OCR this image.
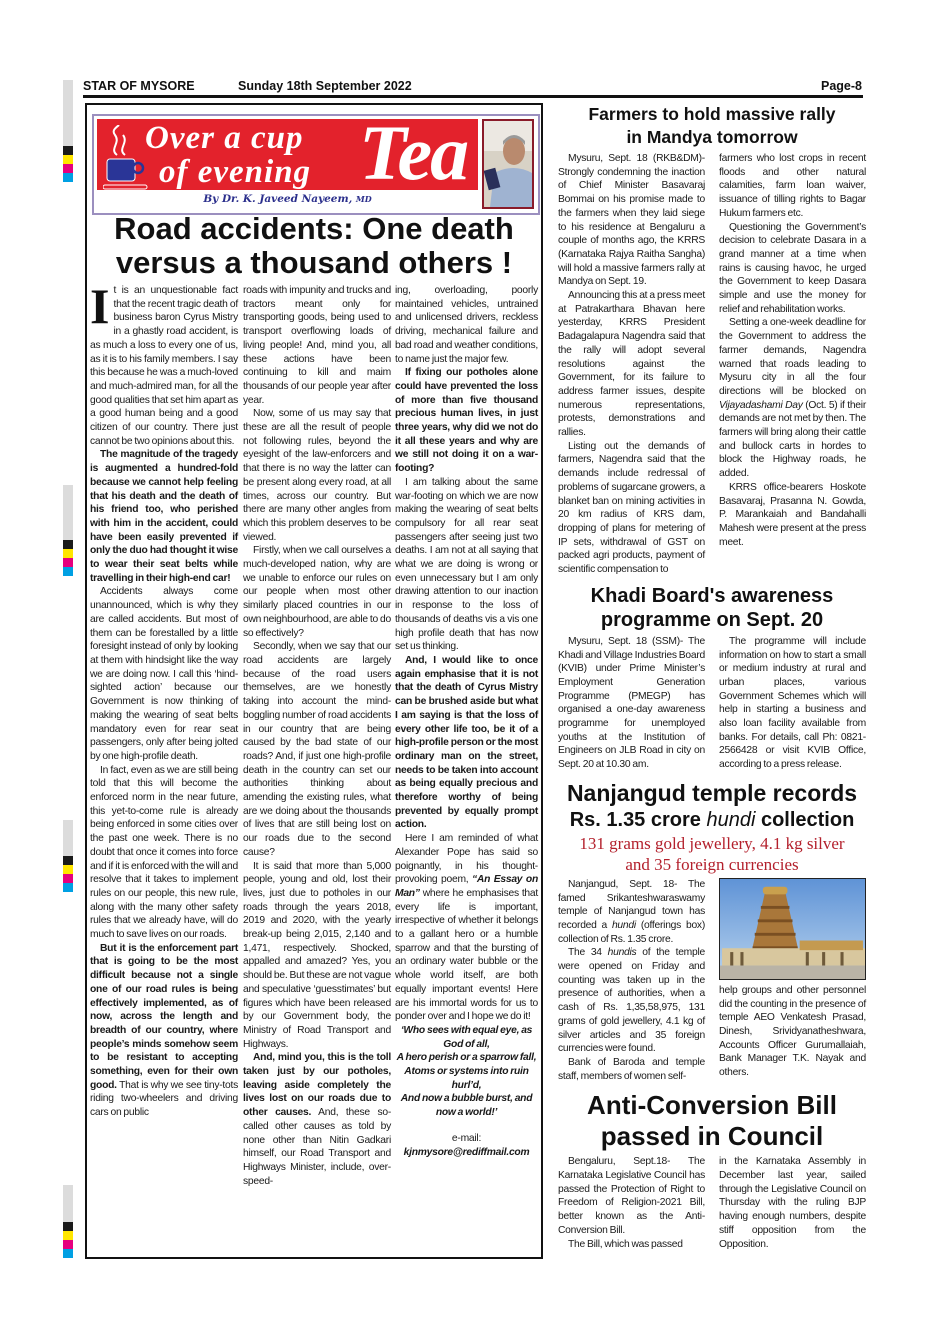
STAR OF MYSORE	Sunday 18th September 2022	Page-8
Over a cup
of evening Tea
By Dr. K. Javeed Nayeem, MD
Road accidents: One death
versus a thousand others !
I t is an unquestionable fact that the recent tragic death of business baron Cyrus Mistry in a ghastly road accident, is as much a loss to every one of us, as it is to his family members. I say this because he was a much-loved and much-admired man, for all the good qualities that set him apart as a good human being and a good citizen of our country. There just cannot be two opinions about this.

The magnitude of the tragedy is augmented a hundred-fold because we cannot help feeling that his death and the death of his friend too, who perished with him in the accident, could have been easily prevented if only the duo had thought it wise to wear their seat belts while travelling in their high-end car!

Accidents always come unannounced, which is why they are called accidents. But most of them can be forestalled by a little foresight instead of only by looking at them with hindsight like the way we are doing now. I call this ‘hind-sighted action’ because our Government is now thinking of making the wearing of seat belts mandatory even for rear seat passengers, only after being jolted by one high-profile death.

In fact, even as we are still being told that this will become the enforced norm in the near future, this yet-to-come rule is already being enforced in some cities over the past one week. There is no doubt that once it comes into force and if it is enforced with the will and resolve that it takes to implement rules on our people, this new rule, along with the many other safety rules that we already have, will do much to save lives on our roads.

But it is the enforcement part that is going to be the most difficult because not a single one of our road rules is being effectively implemented, as of now, across the length and breadth of our country, where people’s minds somehow seem to be resistant to accepting something, even for their own good. That is why we see tiny-tots riding two-wheelers and driving cars on public

roads with impunity and trucks and tractors meant only for transporting goods, being used to transport overflowing loads of living people! And, mind you, all these actions have been continuing to kill and maim thousands of our people year after year.

Now, some of us may say that these are all the result of people not following rules, beyond the eyesight of the law-enforcers and that there is no way the latter can be present along every road, at all times, across our country. But there are many other angles from which this problem deserves to be viewed.

Firstly, when we call ourselves a much-developed nation, why are we unable to enforce our rules on our people when most other similarly placed countries in our own neighbourhood, are able to do so effectively?

Secondly, when we say that our road accidents are largely because of the road users themselves, are we honestly taking into account the mind-boggling number of road accidents in our country that are being caused by the bad state of our roads? And, if just one high-profile death in the country can set our authorities thinking about amending the existing rules, what are we doing about the thousands of lives that are still being lost on our roads due to the second cause?

It is said that more than 5,000 people, young and old, lost their lives, just due to potholes in our roads through the years 2018, 2019 and 2020, with the yearly break-up being 2,015, 2,140 and 1,471, respectively. Shocked, appalled and amazed? Yes, you should be. But these are not vague and speculative ‘guesstimates’ but figures which have been released by our Government body, the Ministry of Road Transport and Highways.

And, mind you, this is the toll taken just by our potholes, leaving aside completely the lives lost on our roads due to other causes. And, these so-called other causes as told by none other than Nitin Gadkari himself, our Road Transport and Highways Minister, include, over-speed-

ing, overloading, poorly maintained vehicles, untrained and unlicensed drivers, reckless driving, mechanical failure and bad road and weather conditions, to name just the major few.

If fixing our potholes alone could have prevented the loss of more than five thousand precious human lives, in just three years, why did we not do it all these years and why are we still not doing it on a war-footing?

I am talking about the same war-footing on which we are now making the wearing of seat belts compulsory for all rear seat passengers after seeing just two deaths. I am not at all saying that what we are doing is wrong or even unnecessary but I am only drawing attention to our inaction in response to the loss of thousands of deaths vis a vis one high profile death that has now set us thinking.

And, I would like to once again emphasise that it is not that the death of Cyrus Mistry can be brushed aside but what I am saying is that the loss of every other life too, be it of a high-profile person or the most ordinary man on the street, needs to be taken into account as being equally precious and therefore worthy of being prevented by equally prompt action.

Here I am reminded of what Alexander Pope has said so poignantly, in his thought-provoking poem, “An Essay on Man” where he emphasises that every life is important, irrespective of whether it belongs to a gallant hero or a humble sparrow and that the bursting of an ordinary water bubble or the whole world itself, are both equally important events! Here are his immortal words for us to ponder over and I hope we do it!

‘Who sees with equal eye, as God of all,
A hero perish or a sparrow fall,
Atoms or systems into ruin hurl’d,
And now a bubble burst, and now a world!’
e-mail:
kjnmysore@rediffmail.com
Farmers to hold massive rally
in Mandya tomorrow

Mysuru, Sept. 18 (RKB&DM)- Strongly condemning the inaction of Chief Minister Basavaraj Bommai on his promise made to the farmers when they laid siege to his residence at Bengaluru a couple of months ago, the KRRS (Karnataka Rajya Raitha Sangha) will hold a massive farmers rally at Mandya on Sept. 19.

Announcing this at a press meet at Patrakarthara Bhavan here yesterday, KRRS President Badagalapura Nagendra said that the rally will adopt several resolutions against the Government, for its failure to address farmer issues, despite numerous representations, protests, demonstrations and rallies.

Listing out the demands of farmers, Nagendra said that the demands include redressal of problems of sugarcane growers, a blanket ban on mining activities in 20 km radius of KRS dam, dropping of plans for metering of IP sets, withdrawal of GST on packed agri products, payment of scientific compensation to

farmers who lost crops in recent floods and other natural calamities, farm loan waiver, issuance of tilling rights to Bagar Hukum farmers etc.

Questioning the Government’s decision to celebrate Dasara in a grand manner at a time when rains is causing havoc, he urged the Government to keep Dasara simple and use the money for relief and rehabilitation works.

Setting a one-week deadline for the Government to address the farmer demands, Nagendra warned that roads leading to Mysuru city in all the four directions will be blocked on Vijayadashami Day (Oct. 5) if their demands are not met by then. The farmers will bring along their cattle and bullock carts in hordes to block the Highway roads, he added.

KRRS office-bearers Hoskote Basavaraj, Prasanna N. Gowda, P. Marankaiah and Bandahalli Mahesh were present at the press meet.

Khadi Board's awareness
programme on Sept. 20

Mysuru, Sept. 18 (SSM)- The Khadi and Village Industries Board (KVIB) under Prime Minister’s Employment Generation Programme (PMEGP) has organised a one-day awareness programme for unemployed youths at the Institution of Engineers on JLB Road in city on Sept. 20 at 10.30 am.

The programme will include information on how to start a small or medium industry at rural and urban places, various Government Schemes which will help in starting a business and also loan facility available from banks. For details, call Ph: 0821-2566428 or visit KVIB Office, according to a press release.

Nanjangud temple records
Rs. 1.35 crore hundi collection
131 grams gold jewellery, 4.1 kg silver
and 35 foreign currencies

Nanjangud, Sept. 18- The famed Srikanteshwaraswamy temple of Nanjangud town has recorded a hundi (offerings box) collection of Rs. 1.35 crore.

The 34 hundis of the temple were opened on Friday and counting was taken up in the presence of authorities, when a cash of Rs. 1,35,58,975, 131 grams of gold jewellery, 4.1 kg of silver articles and 35 foreign currencies were found.

Bank of Baroda and temple staff, members of women self-

help groups and other personnel did the counting in the presence of temple AEO Venkatesh Prasad, Dinesh, Srividyanatheshwara, Accounts Officer Gurumallaiah, Bank Manager T.K. Nayak and others.

Anti-Conversion Bill
passed in Council

Bengaluru, Sept.18- The Karnataka Legislative Council has passed the Protection of Right to Freedom of Religion-2021 Bill, better known as the Anti-Conversion Bill.

The Bill, which was passed

in the Karnataka Assembly in December last year, sailed through the Legislative Council on Thursday with the ruling BJP having enough numbers, despite stiff opposition from the Opposition.
